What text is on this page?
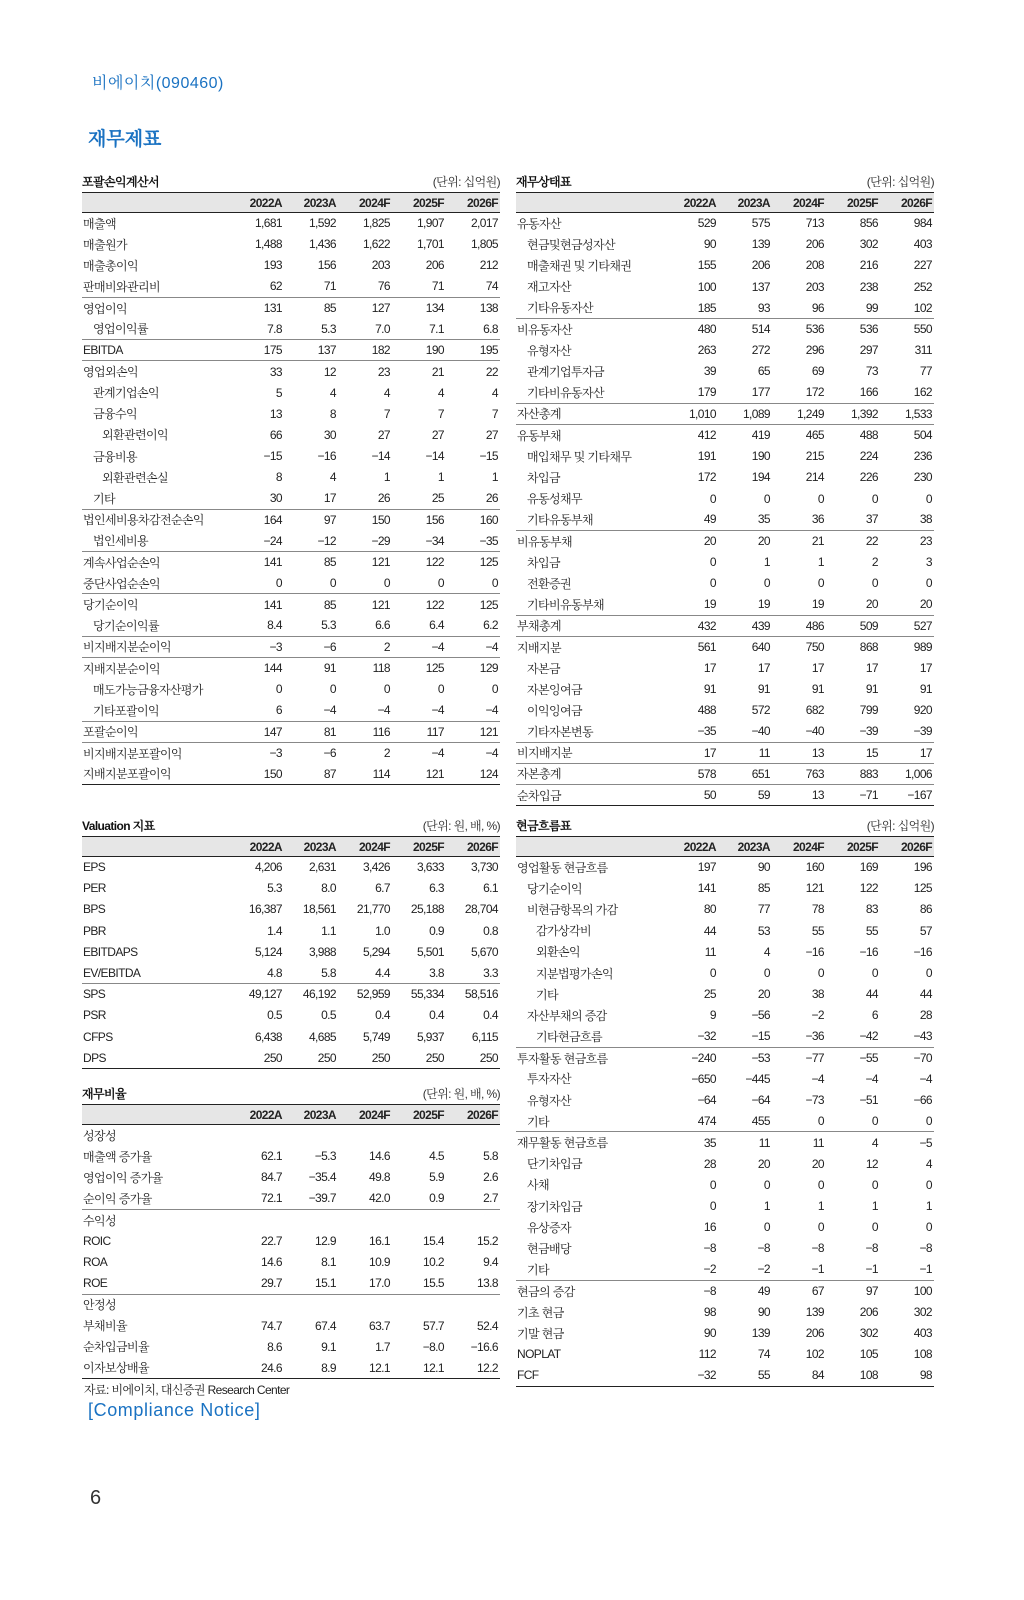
비에이치(090460)
재무제표
포괄손익계산서	(단위: 십억원)
	2022A	2023A	2024F	2025F	2026F
매출액	1,681	1,592	1,825	1,907	2,017
매출원가	1,488	1,436	1,622	1,701	1,805
매출총이익	193	156	203	206	212
판매비와관리비	62	71	76	71	74
영업이익	131	85	127	134	138
영업이익률	7.8	5.3	7.0	7.1	6.8
EBITDA	175	137	182	190	195
영업외손익	33	12	23	21	22
관계기업손익	5	4	4	4	4
금융수익	13	8	7	7	7
외환관련이익	66	30	27	27	27
금융비용	−15	−16	−14	−14	−15
외환관련손실	8	4	1	1	1
기타	30	17	26	25	26
법인세비용차감전순손익	164	97	150	156	160
법인세비용	−24	−12	−29	−34	−35
계속사업순손익	141	85	121	122	125
중단사업순손익	0	0	0	0	0
당기순이익	141	85	121	122	125
당기순이익률	8.4	5.3	6.6	6.4	6.2
비지배지분순이익	−3	−6	2	−4	−4
지배지분순이익	144	91	118	125	129
매도가능금융자산평가	0	0	0	0	0
기타포괄이익	6	−4	−4	−4	−4
포괄순이익	147	81	116	117	121
비지배지분포괄이익	−3	−6	2	−4	−4
지배지분포괄이익	150	87	114	121	124
재무상태표	(단위: 십억원)
	2022A	2023A	2024F	2025F	2026F
유동자산	529	575	713	856	984
현금및현금성자산	90	139	206	302	403
매출채권 및 기타채권	155	206	208	216	227
재고자산	100	137	203	238	252
기타유동자산	185	93	96	99	102
비유동자산	480	514	536	536	550
유형자산	263	272	296	297	311
관계기업투자금	39	65	69	73	77
기타비유동자산	179	177	172	166	162
자산총계	1,010	1,089	1,249	1,392	1,533
유동부채	412	419	465	488	504
매입채무 및 기타채무	191	190	215	224	236
차입금	172	194	214	226	230
유동성채무	0	0	0	0	0
기타유동부채	49	35	36	37	38
비유동부채	20	20	21	22	23
차입금	0	1	1	2	3
전환증권	0	0	0	0	0
기타비유동부채	19	19	19	20	20
부채총계	432	439	486	509	527
지배지분	561	640	750	868	989
자본금	17	17	17	17	17
자본잉여금	91	91	91	91	91
이익잉여금	488	572	682	799	920
기타자본변동	−35	−40	−40	−39	−39
비지배지분	17	11	13	15	17
자본총계	578	651	763	883	1,006
순차입금	50	59	13	−71	−167
Valuation 지표	(단위: 원, 배, %)
	2022A	2023A	2024F	2025F	2026F
EPS	4,206	2,631	3,426	3,633	3,730
PER	5.3	8.0	6.7	6.3	6.1
BPS	16,387	18,561	21,770	25,188	28,704
PBR	1.4	1.1	1.0	0.9	0.8
EBITDAPS	5,124	3,988	5,294	5,501	5,670
EV/EBITDA	4.8	5.8	4.4	3.8	3.3
SPS	49,127	46,192	52,959	55,334	58,516
PSR	0.5	0.5	0.4	0.4	0.4
CFPS	6,438	4,685	5,749	5,937	6,115
DPS	250	250	250	250	250
재무비율	(단위: 원, 배, %)
	2022A	2023A	2024F	2025F	2026F
성장성					
매출액 증가율	62.1	−5.3	14.6	4.5	5.8
영업이익 증가율	84.7	−35.4	49.8	5.9	2.6
순이익 증가율	72.1	−39.7	42.0	0.9	2.7
수익성					
ROIC	22.7	12.9	16.1	15.4	15.2
ROA	14.6	8.1	10.9	10.2	9.4
ROE	29.7	15.1	17.0	15.5	13.8
안정성					
부채비율	74.7	67.4	63.7	57.7	52.4
순차입금비율	8.6	9.1	1.7	−8.0	−16.6
이자보상배율	24.6	8.9	12.1	12.1	12.2
현금흐름표	(단위: 십억원)
	2022A	2023A	2024F	2025F	2026F
영업활동 현금흐름	197	90	160	169	196
당기순이익	141	85	121	122	125
비현금항목의 가감	80	77	78	83	86
감가상각비	44	53	55	55	57
외환손익	11	4	−16	−16	−16
지분법평가손익	0	0	0	0	0
기타	25	20	38	44	44
자산부채의 증감	9	−56	−2	6	28
기타현금흐름	−32	−15	−36	−42	−43
투자활동 현금흐름	−240	−53	−77	−55	−70
투자자산	−650	−445	−4	−4	−4
유형자산	−64	−64	−73	−51	−66
기타	474	455	0	0	0
재무활동 현금흐름	35	11	11	4	−5
단기차입금	28	20	20	12	4
사채	0	0	0	0	0
장기차입금	0	1	1	1	1
유상증자	16	0	0	0	0
현금배당	−8	−8	−8	−8	−8
기타	−2	−2	−1	−1	−1
현금의 증감	−8	49	67	97	100
기초 현금	98	90	139	206	302
기말 현금	90	139	206	302	403
NOPLAT	112	74	102	105	108
FCF	−32	55	84	108	98
자료: 비에이치, 대신증권 Research Center
[Compliance Notice]
6
